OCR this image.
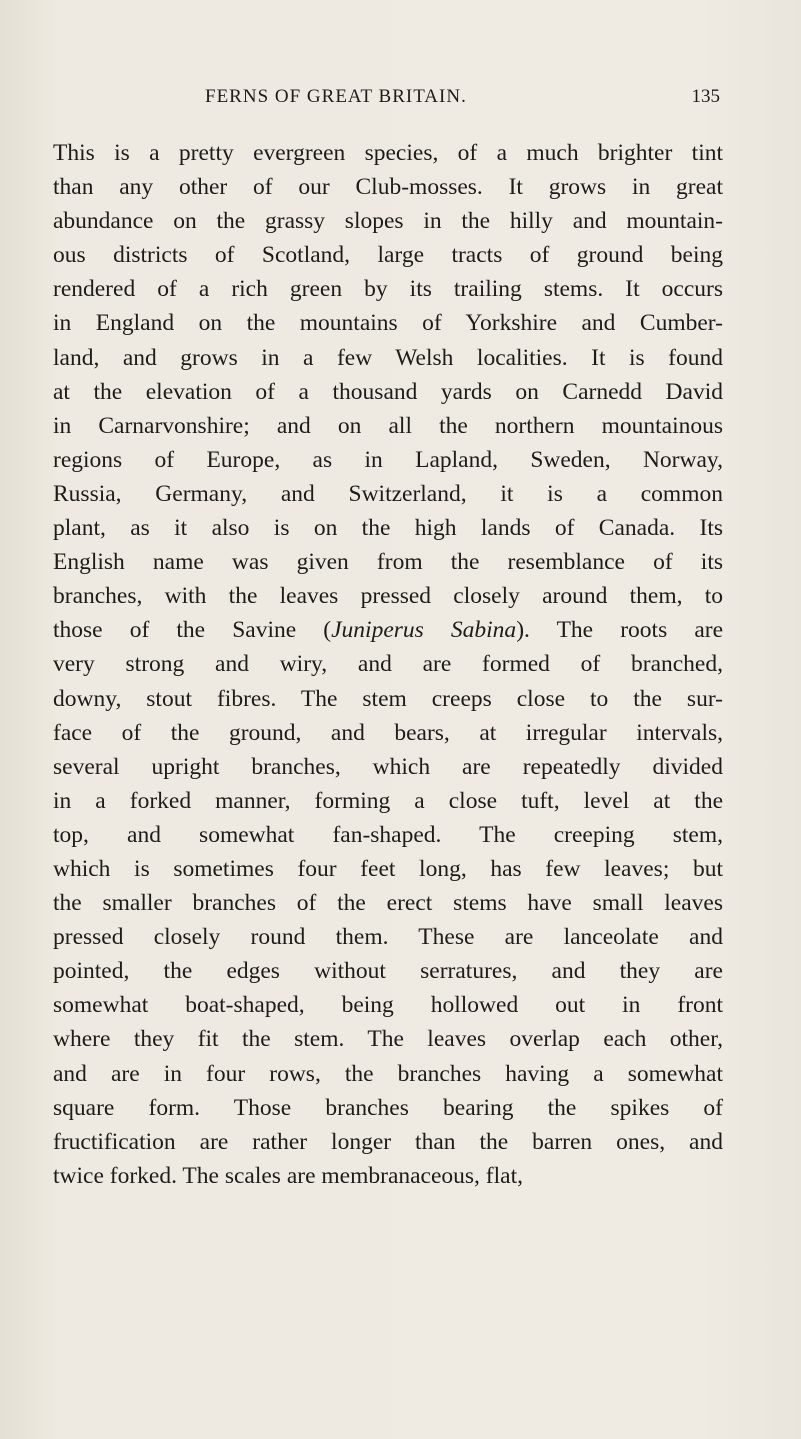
FERNS OF GREAT BRITAIN.	135
This is a pretty evergreen species, of a much brighter tint
than any other of our Club-mosses. It grows in great
abundance on the grassy slopes in the hilly and mountain-
ous districts of Scotland, large tracts of ground being
rendered of a rich green by its trailing stems. It occurs
in England on the mountains of Yorkshire and Cumber-
land, and grows in a few Welsh localities. It is found
at the elevation of a thousand yards on Carnedd David
in Carnarvonshire; and on all the northern mountainous
regions of Europe, as in Lapland, Sweden, Norway,
Russia, Germany, and Switzerland, it is a common
plant, as it also is on the high lands of Canada. Its
English name was given from the resemblance of its
branches, with the leaves pressed closely around them, to
those of the Savine (Juniperus Sabina). The roots are
very strong and wiry, and are formed of branched,
downy, stout fibres. The stem creeps close to the sur-
face of the ground, and bears, at irregular intervals,
several upright branches, which are repeatedly divided
in a forked manner, forming a close tuft, level at the
top, and somewhat fan-shaped. The creeping stem,
which is sometimes four feet long, has few leaves; but
the smaller branches of the erect stems have small leaves
pressed closely round them. These are lanceolate and
pointed, the edges without serratures, and they are
somewhat boat-shaped, being hollowed out in front
where they fit the stem. The leaves overlap each other,
and are in four rows, the branches having a somewhat
square form. Those branches bearing the spikes of
fructification are rather longer than the barren ones, and
twice forked. The scales are membranaceous, flat,
